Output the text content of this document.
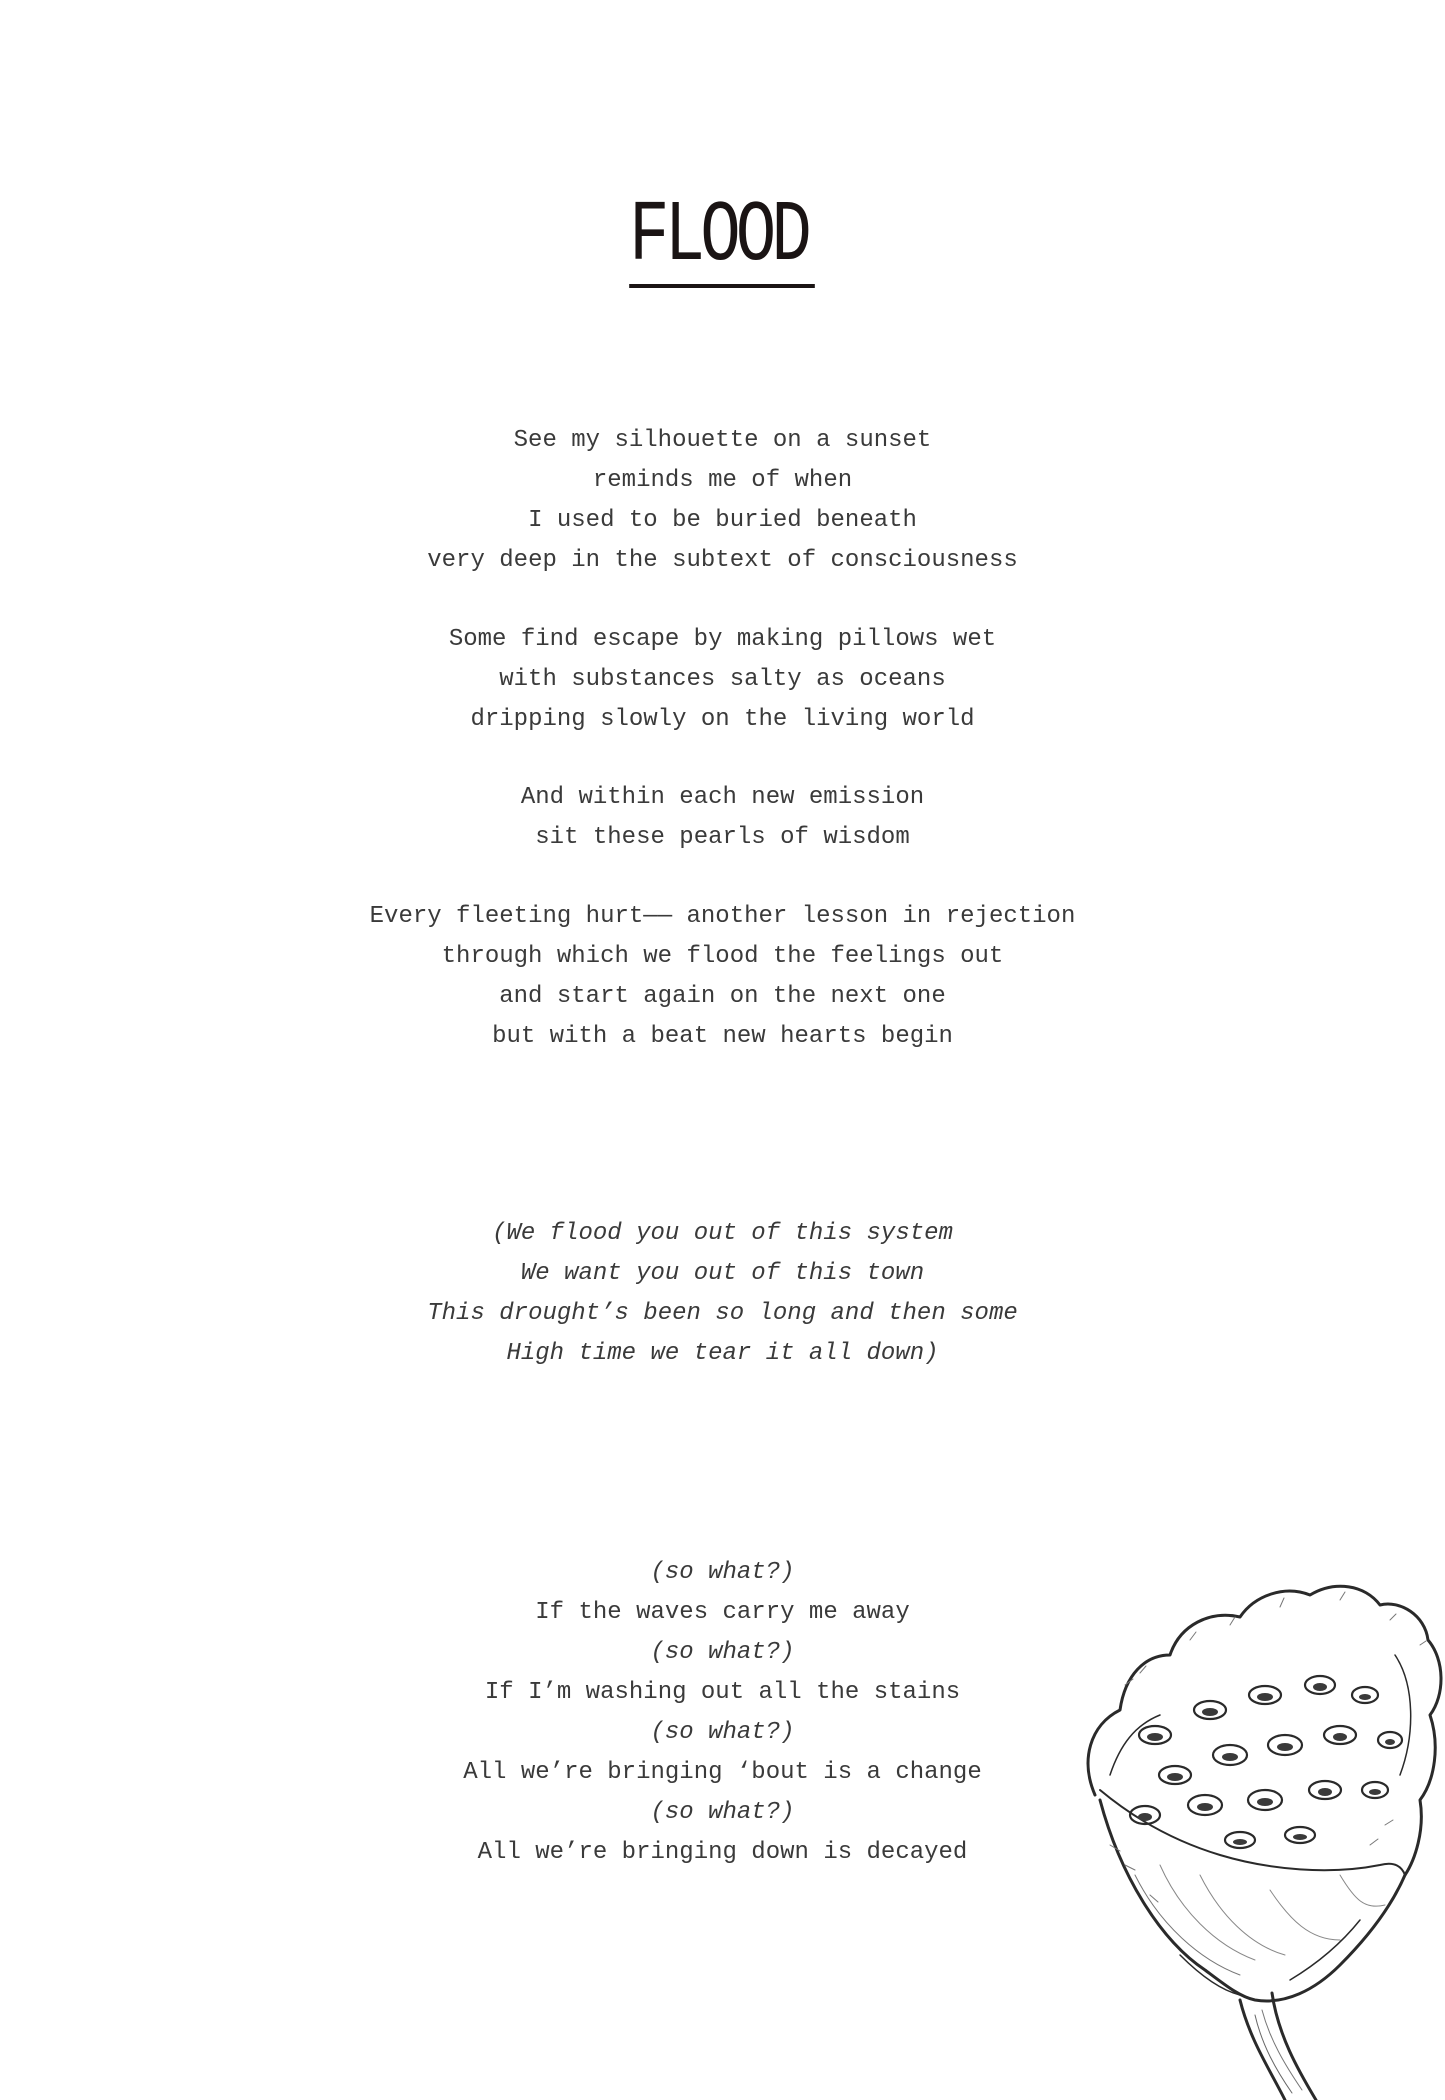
FLOOD
See my silhouette on a sunset
reminds me of when
I used to be buried beneath
very deep in the subtext of consciousness
Some find escape by making pillows wet
with substances salty as oceans
dripping slowly on the living world
And within each new emission
sit these pearls of wisdom
Every fleeting hurt—— another lesson in rejection
through which we flood the feelings out
and start again on the next one
but with a beat new hearts begin
(We flood you out of this system
We want you out of this town
This drought’s been so long and then some
High time we tear it all down)
(so what?)
If the waves carry me away
(so what?)
If I’m washing out all the stains
(so what?)
All we’re bringing ‘bout is a change
(so what?)
All we’re bringing down is decayed
